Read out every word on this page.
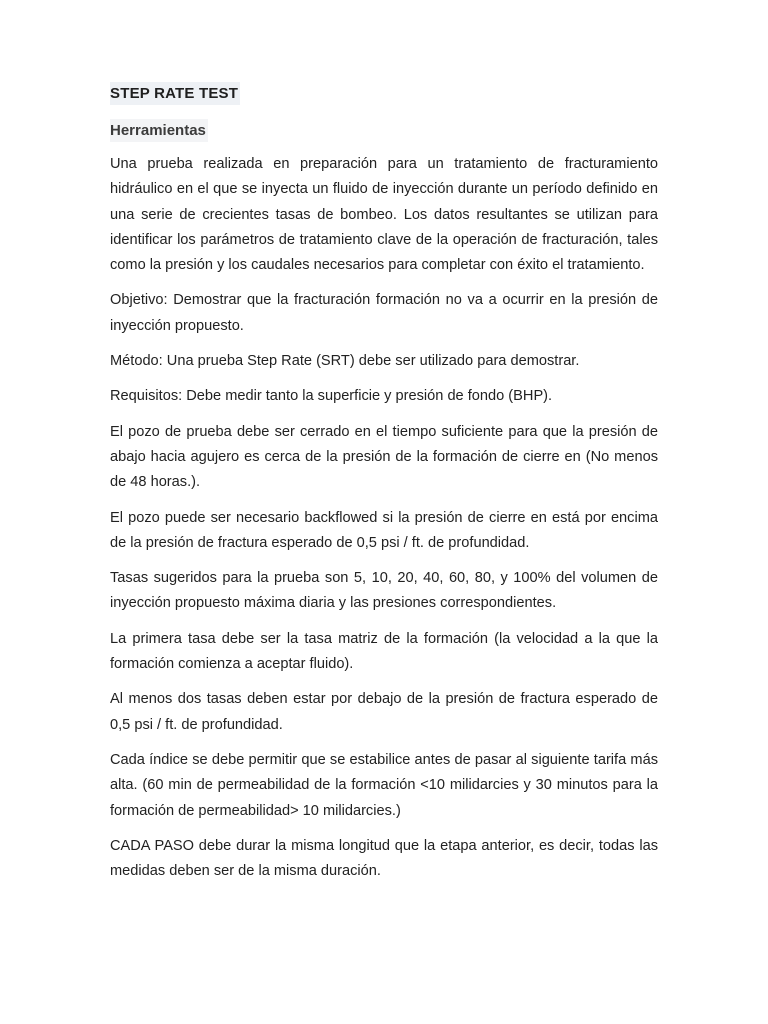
STEP RATE TEST
Herramientas

Una prueba realizada en preparación para un tratamiento de fracturamiento hidráulico en el que se inyecta un fluido de inyección durante un período definido en una serie de crecientes tasas de bombeo. Los datos resultantes se utilizan para identificar los parámetros de tratamiento clave de la operación de fracturación, tales como la presión y los caudales necesarios para completar con éxito el tratamiento.

Objetivo: Demostrar que la fracturación formación no va a ocurrir en la presión de inyección propuesto.

Método: Una prueba Step Rate (SRT) debe ser utilizado para demostrar.

Requisitos: Debe medir tanto la superficie y presión de fondo (BHP).

El pozo de prueba debe ser cerrado en el tiempo suficiente para que la presión de abajo hacia agujero es cerca de la presión de la formación de cierre en (No menos de 48 horas.).

El pozo puede ser necesario backflowed si la presión de cierre en está por encima de la presión de fractura esperado de 0,5 psi / ft. de profundidad.

Tasas sugeridos para la prueba son 5, 10, 20, 40, 60, 80, y 100% del volumen de inyección propuesto máxima diaria y las presiones correspondientes.

La primera tasa debe ser la tasa matriz de la formación (la velocidad a la que la formación comienza a aceptar fluido).

Al menos dos tasas deben estar por debajo de la presión de fractura esperado de 0,5 psi / ft. de profundidad.

Cada índice se debe permitir que se estabilice antes de pasar al siguiente tarifa más alta. (60 min de permeabilidad de la formación <10 milidarcies y 30 minutos para la formación de permeabilidad> 10 milidarcies.)

CADA PASO debe durar la misma longitud que la etapa anterior, es decir, todas las medidas deben ser de la misma duración.
